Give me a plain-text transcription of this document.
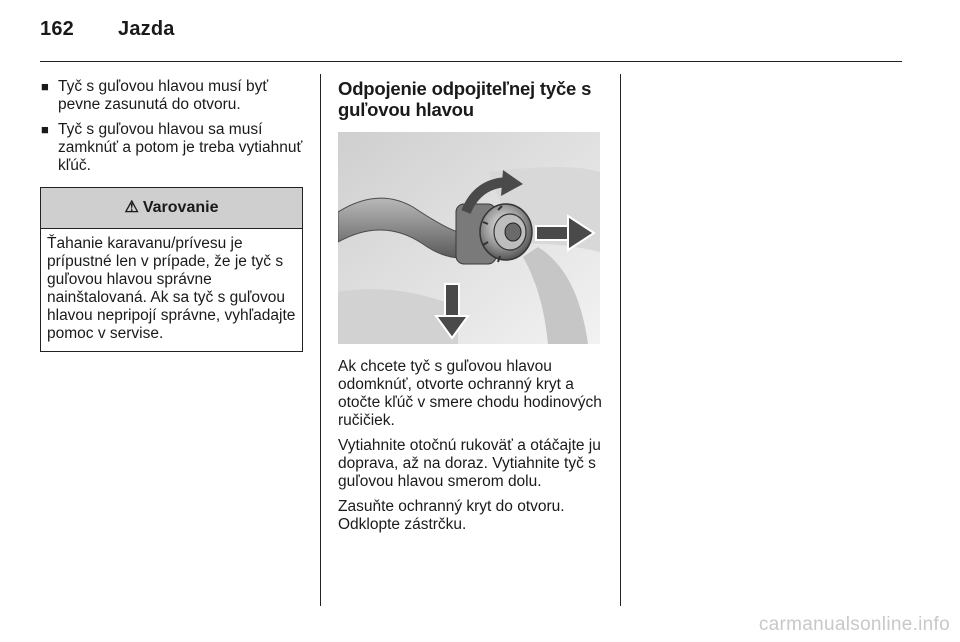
162 Jazda
■ Tyč s guľovou hlavou musí byť pevne zasunutá do otvoru.
■ Tyč s guľovou hlavou sa musí zamknúť a potom je treba vytiahnuť kľúč.
⚠ Varovanie
Ťahanie karavanu/prívesu je prípustné len v prípade, že je tyč s guľovou hlavou správne nainštalovaná. Ak sa tyč s guľovou hlavou nepripojí správne, vyhľadajte pomoc v servise.
Odpojenie odpojiteľnej tyče s guľovou hlavou

Ak chcete tyč s guľovou hlavou odomknúť, otvorte ochranný kryt a otočte kľúč v smere chodu hodinových ručičiek.

Vytiahnite otočnú rukoväť a otáčajte ju doprava, až na doraz. Vytiahnite tyč s guľovou hlavou smerom dolu.

Zasuňte ochranný kryt do otvoru. Odklopte zástrčku.

carmanualsonline.info
